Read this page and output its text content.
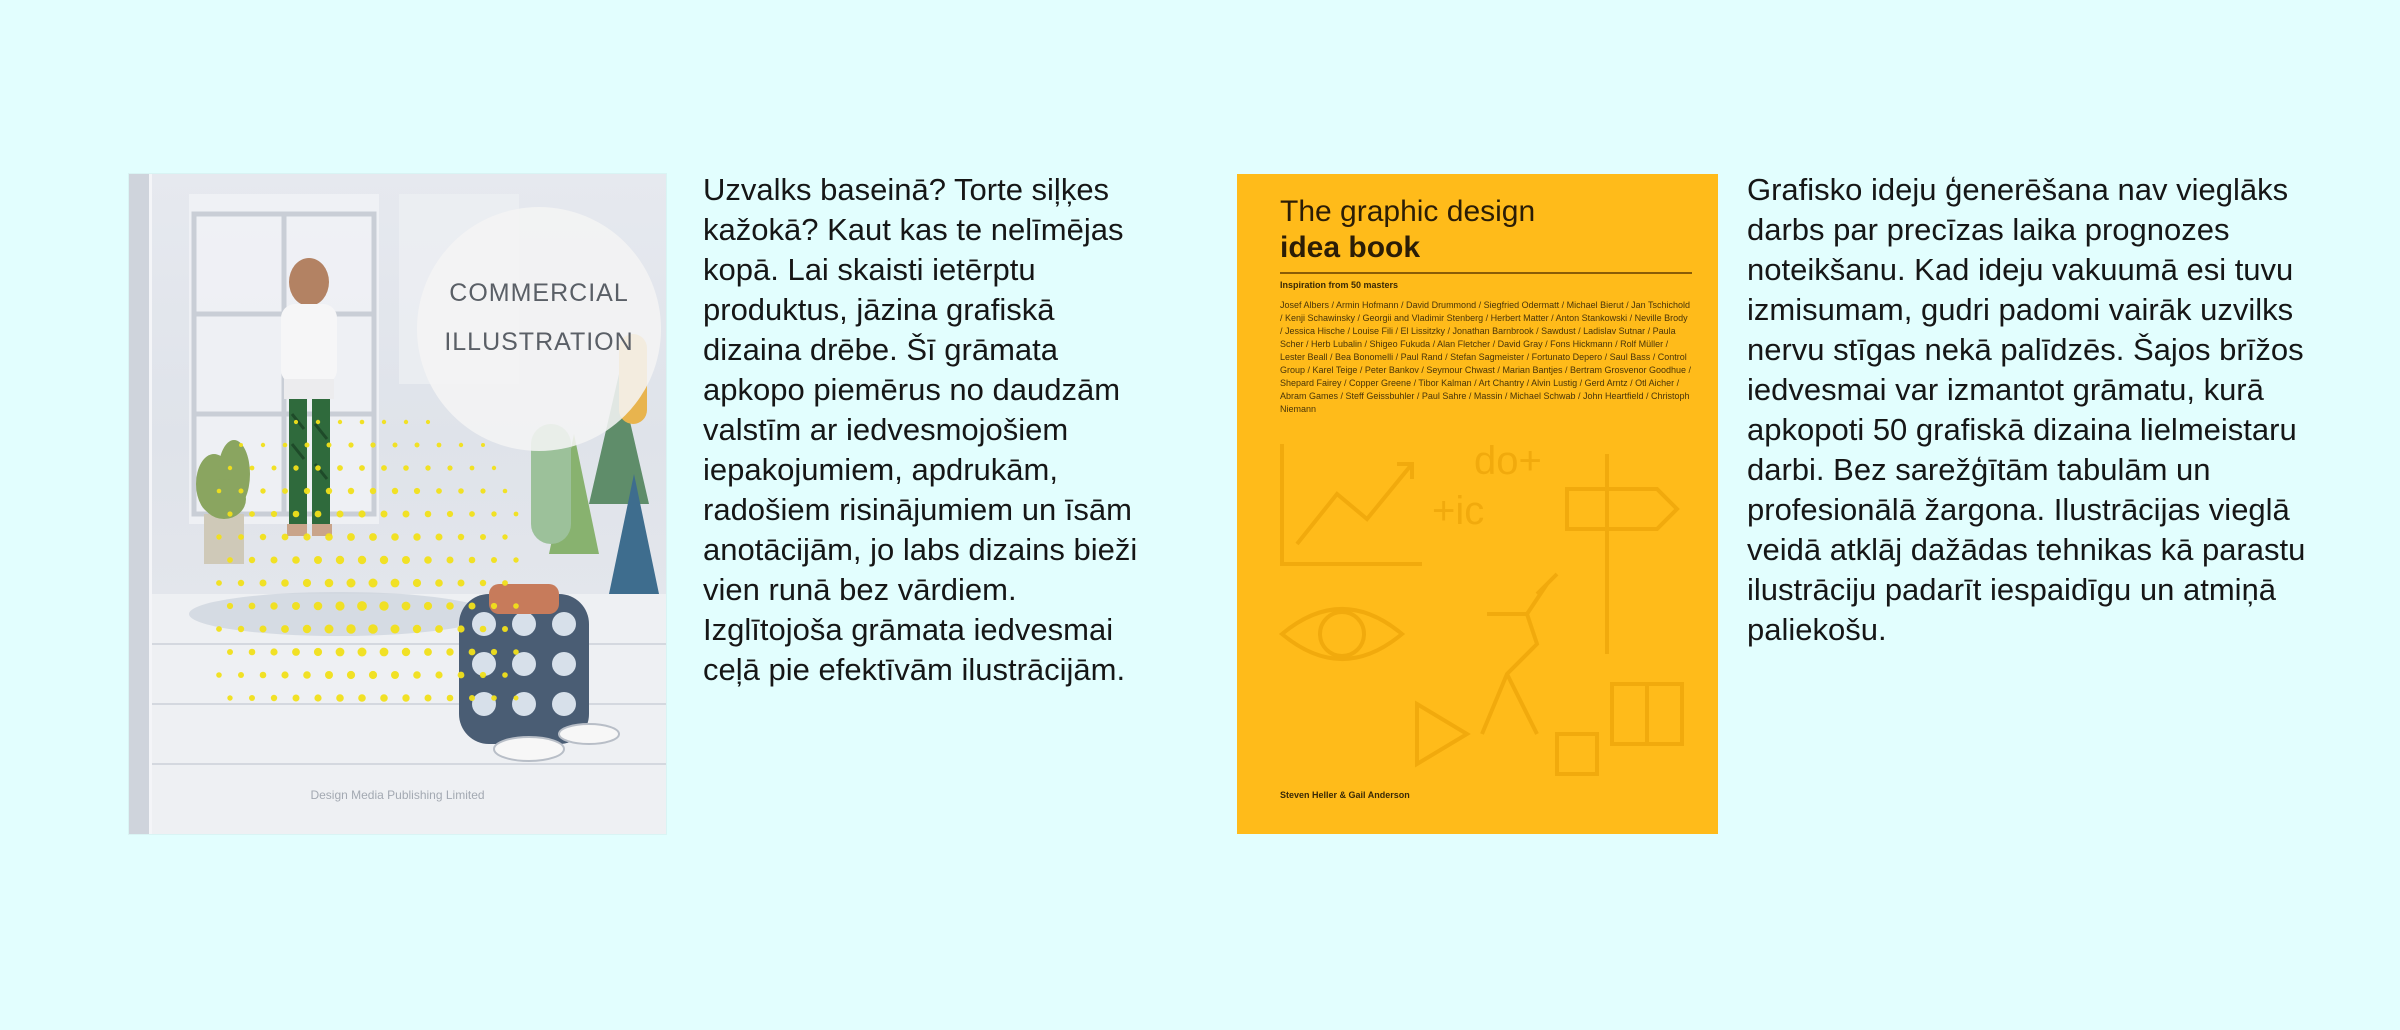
COMMERCIAL
ILLUSTRATION
Design Media Publishing Limited

Uzvalks baseinā? Torte siļķes kažokā? Kaut kas te nelīmējas kopā. Lai skaisti ietērptu produktus, jāzina grafiskā dizaina drēbe. Šī grāmata apkopo piemērus no daudzām valstīm ar iedvesmojošiem iepakojumiem, apdrukām, radošiem risinājumiem un īsām anotācijām, jo labs dizains bieži vien runā bez vārdiem. Izglītojoša grāmata iedvesmai ceļā pie efektīvām ilustrācijām.

The graphic design
idea book
Inspiration from 50 masters

Josef Albers / Armin Hofmann / David Drummond / Siegfried Odermatt / Michael Bierut / Jan Tschichold / Kenji Schawinsky / Georgii and Vladimir Stenberg / Herbert Matter / Anton Stankowski / Neville Brody / Jessica Hische / Louise Fili / El Lissitzky / Jonathan Barnbrook / Sawdust / Ladislav Sutnar / Paula Scher / Herb Lubalin / Shigeo Fukuda / Alan Fletcher / David Gray / Fons Hickmann / Rolf Müller / Lester Beall / Bea Bonomelli / Paul Rand / Stefan Sagmeister / Fortunato Depero / Saul Bass / Control Group / Karel Teige / Peter Bankov / Seymour Chwast / Marian Bantjes / Bertram Grosvenor Goodhue / Shepard Fairey / Copper Greene / Tibor Kalman / Art Chantry / Alvin Lustig / Gerd Arntz / Otl Aicher / Abram Games / Steff Geissbuhler / Paul Sahre / Massin / Michael Schwab / John Heartfield / Christoph Niemann

do+
+ic
Steven Heller & Gail Anderson

Grafisko ideju ģenerēšana nav vieglāks darbs par precīzas laika prognozes noteikšanu. Kad ideju vakuumā esi tuvu izmisumam, gudri padomi vairāk uzvilks nervu stīgas nekā palīdzēs. Šajos brīžos iedvesmai var izmantot grāmatu, kurā apkopoti 50 grafiskā dizaina lielmeistaru darbi. Bez sarežģītām tabulām un profesionālā žargona. Ilustrācijas vieglā veidā atklāj dažādas tehnikas kā parastu ilustrāciju padarīt iespaidīgu un atmiņā paliekošu.
